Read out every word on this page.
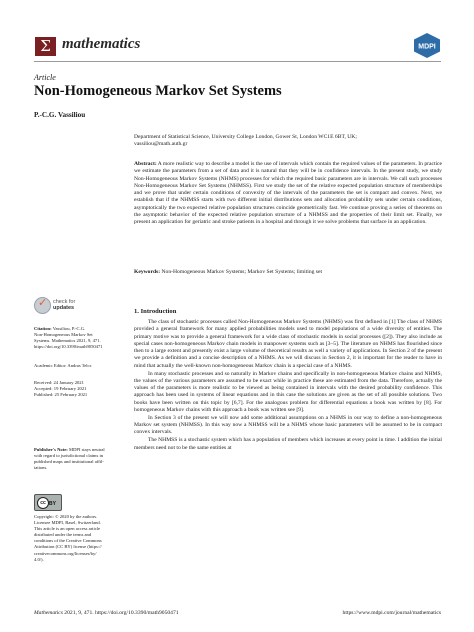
Σ mathematics	MDPI
Article
Non-Homogeneous Markov Set Systems
P.-C.G. Vassiliou
Department of Statistical Science, University College London, Gower St, London WC1E 6BT, UK;
vassiliou@math.auth.gr
Abstract: A more realistic way to describe a model is the use of intervals which contain the required values of the parameters. In practice we estimate the parameters from a set of data and it is natural that they will be in confidence intervals. In the present study, we study Non-Homogeneous Markov Systems (NHMS) processes for which the required basic parameters are in intervals. We call such processes Non-Homogeneous Markov Set Systems (NHMSS). First we study the set of the relative expected population structure of memberships and we prove that under certain conditions of convexity of the intervals of the parameters the set is compact and convex. Next, we establish that if the NHMSS starts with two different initial distributions sets and allocation probability sets under certain conditions, asymptotically the two expected relative population structures coincide geometrically fast. We continue proving a series of theorems on the asymptotic behavior of the expected relative population structure of a NHMSS and the properties of their limit set. Finally, we present an application for geriatric and stroke patients in a hospital and through it we solve problems that surface in an application.
Keywords: Non-Homogeneous Markov Systems; Markov Set Systems; limiting set
✓ check for
updates
Citation: Vassiliou, P.-C.G.
Non-Homogeneous Markov Set
Systems. Mathematics 2021, 9, 471.
https://doi.org/10.3390/math9050471
Academic Editor: Andras Telcs
Received: 24 January 2021
Accepted: 19 February 2021
Published: 25 February 2021
Publisher's Note: MDPI stays neutral
with regard to jurisdictional claims in
published maps and institutional affil-
iations.
cc BY
Copyright: © 2020 by the authors.
Licensee MDPI, Basel, Switzerland.
This article is an open access article
distributed under the terms and
conditions of the Creative Commons
Attribution (CC BY) license (https://
creativecommons.org/licenses/by/
4.0/).
1. Introduction

The class of stochastic processes called Non-Homogeneous Markov Systems (NHMS) was first defined in [1] The class of NHMS provided a general framework for many applied probabilities models used to model populations of a wide diversity of entities. The primary motive was to provide a general framework for a wide class of stochastic models in social processes ([2]). They also include as special cases non-homogeneous Markov chain models in manpower systems such as [3–5]. The literature on NHMS has flourished since then to a large extent and presently exist a large volume of theoretical results as well a variety of applications. In Section 2 of the present we provide a definition and a concise description of a NHMS. As we will discuss in Section 2, it is important for the reader to have in mind that actually the well-known non-homogeneous Markov chain is a special case of a NHMS.

In many stochastic processes and so naturally in Markov chains and specifically in non-homogeneous Markov chains and NHMS, the values of the various parameters are assumed to be exact while in practice these are estimated from the data. Therefore, actually the values of the parameters is more realistic to be viewed as being contained in intervals with the desired probability confidence. This approach has been used in systems of linear equations and in this case the solutions are given as the set of all possible solutions. Two books have been written on this topic by [6,7]. For the analogous problem for differential equations a book was written by [8]. For homogeneous Markov chains with this approach a book was written see [9].

In Section 3 of the present we will now add some additional assumptions on a NHMS in our way to define a non-homogeneous Markov set system (NHMSS). In this way now a NHMSS will be a NHMS whose basic parameters will be assumed to be in compact convex intervals.

The NHMSS is a stochastic system which has a population of members which increases at every point in time. I addition the initial members need not to be the same entities at

Mathematics 2021, 9, 471. https://doi.org/10.3390/math9050471	https://www.mdpi.com/journal/mathematics
